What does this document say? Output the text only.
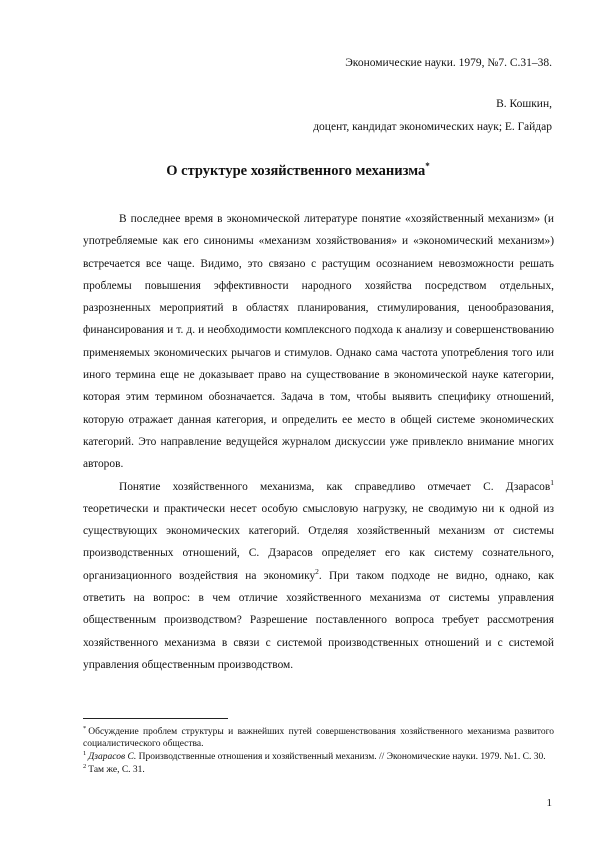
Экономические науки. 1979, №7. С.31–38.
В. Кошкин,
доцент, кандидат экономических наук; Е. Гайдар
О структуре хозяйственного механизма*

В последнее время в экономической литературе понятие «хозяйственный механизм» (и употребляемые как его синонимы «механизм хозяйствования» и «экономический механизм») встречается все чаще. Видимо, это связано с растущим осознанием невозможности решать проблемы повышения эффективности народного хозяйства посредством отдельных, разрозненных мероприятий в областях планирования, стимулирования, ценообразования, финансирования и т. д. и необходимости комплексного подхода к анализу и совершенствованию применяемых экономических рычагов и стимулов. Однако сама частота употребления того или иного термина еще не доказывает право на существование в экономической науке категории, которая этим термином обозначается. Задача в том, чтобы выявить специфику отношений, которую отражает данная категория, и определить ее место в общей системе экономических категорий. Это направление ведущейся журналом дискуссии уже привлекло внимание многих авторов.

Понятие хозяйственного механизма, как справедливо отмечает С. Дзарасов$^1$ теоретически и практически несет особую смысловую нагрузку, не сводимую ни к одной из существующих экономических категорий. Отделяя хозяйственный механизм от системы производственных отношений, С. Дзарасов определяет его как систему сознательного, организационного воздействия на экономику$^2$. При таком подходе не видно, однако, как ответить на вопрос: в чем отличие хозяйственного механизма от системы управления общественным производством? Разрешение поставленного вопроса требует рассмотрения хозяйственного механизма в связи с системой производственных отношений и с системой управления общественным производством.

* Обсуждение проблем структуры и важнейших путей совершенствования хозяйственного механизма развитого социалистического общества.
$^1$ Дзарасов С. Производственные отношения и хозяйственный механизм. // Экономические науки. 1979. №1. С. 30.
$^2$ Там же, С. 31.
1
